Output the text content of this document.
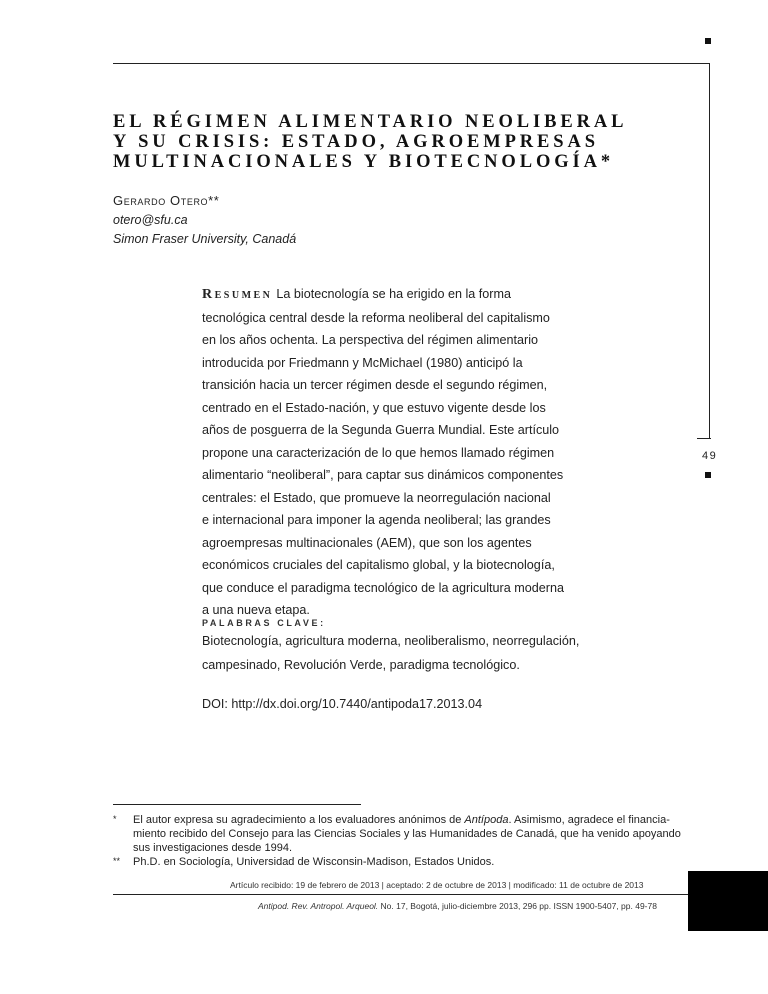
EL RÉGIMEN ALIMENTARIO NEOLIBERAL
Y SU CRISIS: ESTADO, AGROEMPRESAS
MULTINACIONALES Y BIOTECNOLOGÍA*
Gerardo Otero**
otero@sfu.ca
Simon Fraser University, Canadá
Resumen La biotecnología se ha erigido en la forma
tecnológica central desde la reforma neoliberal del capitalismo
en los años ochenta. La perspectiva del régimen alimentario
introducida por Friedmann y McMichael (1980) anticipó la
transición hacia un tercer régimen desde el segundo régimen,
centrado en el Estado-nación, y que estuvo vigente desde los
años de posguerra de la Segunda Guerra Mundial. Este artículo
propone una caracterización de lo que hemos llamado régimen
alimentario “neoliberal”, para captar sus dinámicos componentes
centrales: el Estado, que promueve la neorregulación nacional
e internacional para imponer la agenda neoliberal; las grandes
agroempresas multinacionales (AEM), que son los agentes
económicos cruciales del capitalismo global, y la biotecnología,
que conduce el paradigma tecnológico de la agricultura moderna
a una nueva etapa.
49
PALABRAS CLAVE:
Biotecnología, agricultura moderna, neoliberalismo, neorregulación,
campesinado, Revolución Verde, paradigma tecnológico.
DOI: http://dx.doi.org/10.7440/antipoda17.2013.04
* El autor expresa su agradecimiento a los evaluadores anónimos de Antípoda. Asimismo, agradece el financia-
miento recibido del Consejo para las Ciencias Sociales y las Humanidades de Canadá, que ha venido apoyando
sus investigaciones desde 1994.
** Ph.D. en Sociología, Universidad de Wisconsin-Madison, Estados Unidos.
Artículo recibido: 19 de febrero de 2013 | aceptado: 2 de octubre de 2013 | modificado: 11 de octubre de 2013
Antipod. Rev. Antropol. Arqueol. No. 17, Bogotá, julio-diciembre 2013, 296 pp. ISSN 1900-5407, pp. 49-78
